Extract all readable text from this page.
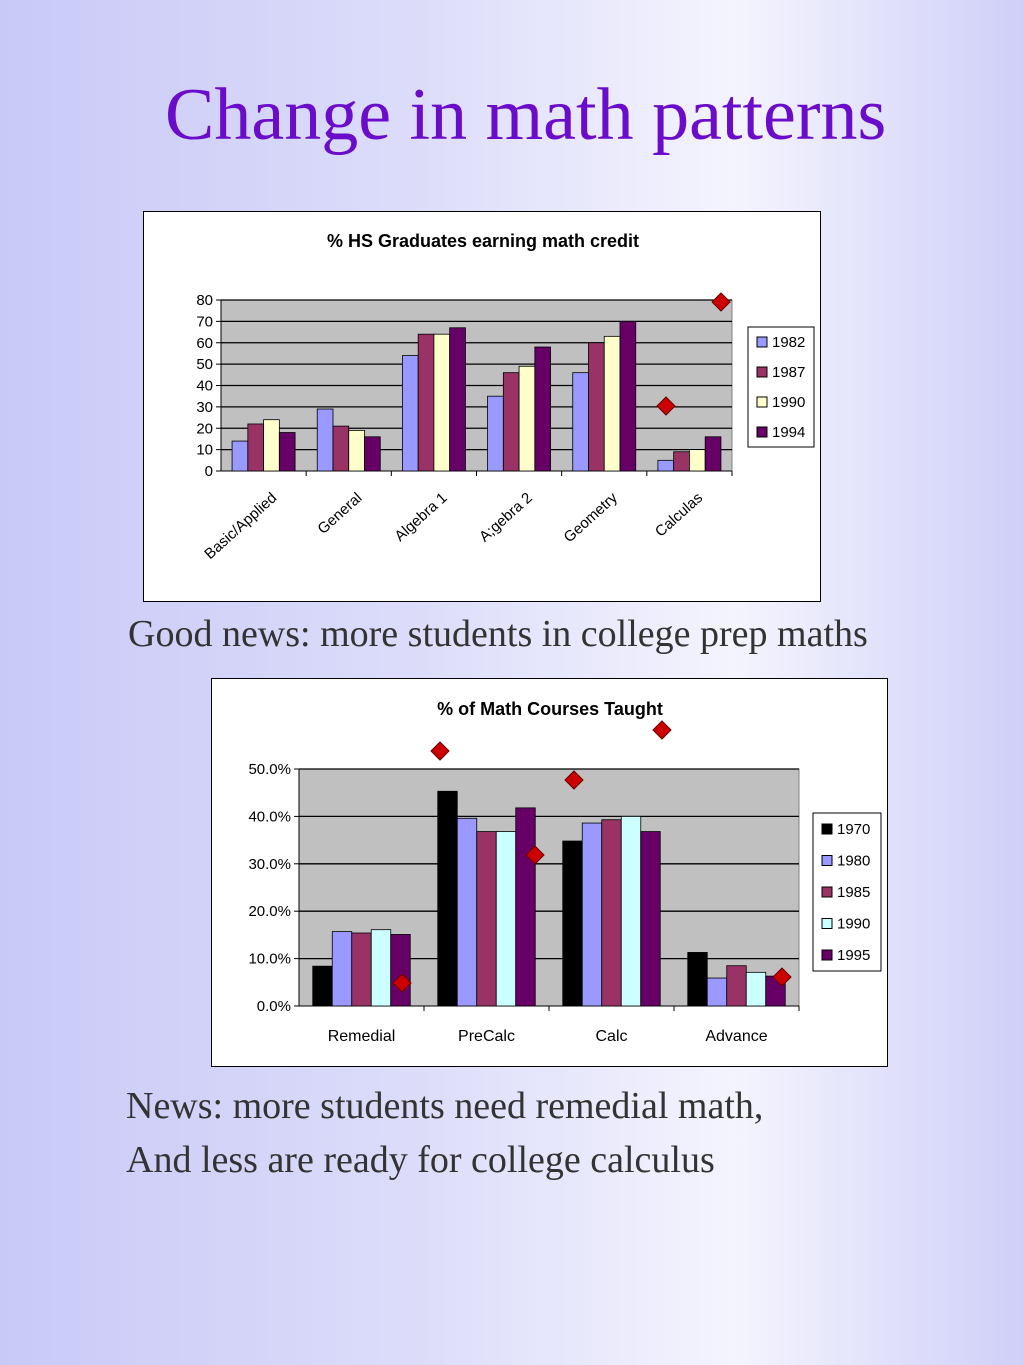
Change in math patterns
% HS Graduates earning math credit
0
10
20
30
40
50
60
70
80
Basic/Applied General Algebra 1 A;gebra 2 Geometry Calculas
1982
1987
1990
1994
Good news: more students in college prep maths
% of Math Courses Taught
0.0%
10.0%
20.0%
30.0%
40.0%
50.0%
Remedial	PreCalc	Calc	Advance
1970
1980
1985
1990
1995
News: more students need remedial math,
And less are ready for college calculus
